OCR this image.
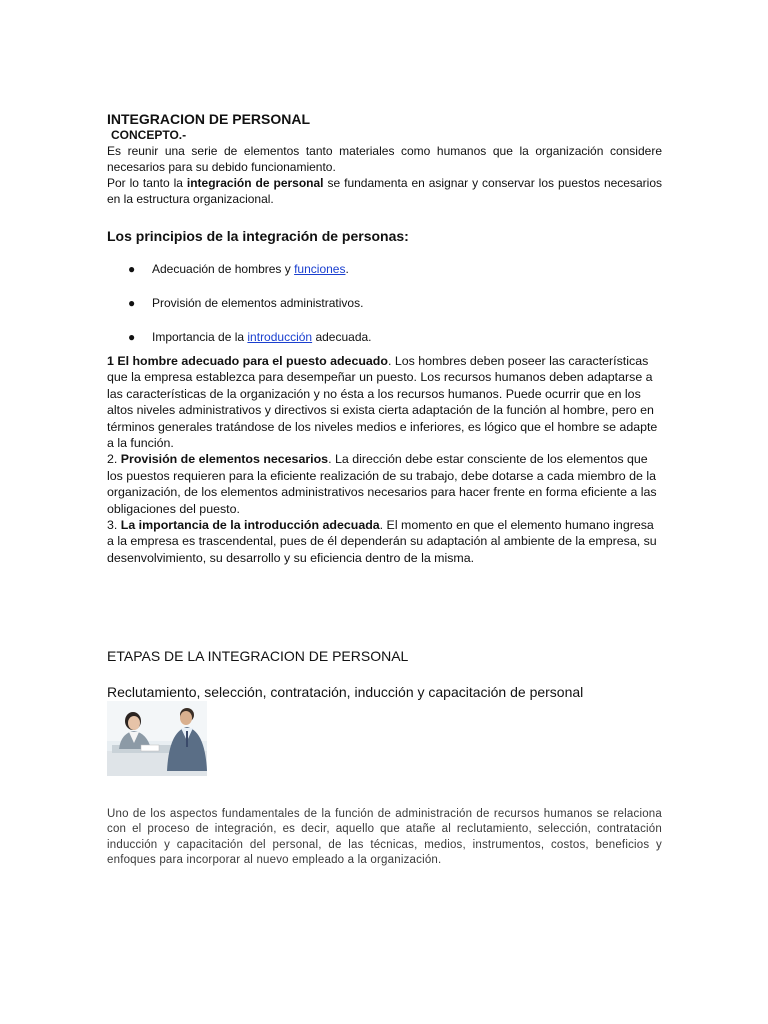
INTEGRACION DE PERSONAL

CONCEPTO.-

Es reunir una serie de elementos tanto materiales como humanos que la organización considere necesarios para su debido funcionamiento.

Por lo tanto la integración de personal se fundamenta en asignar y conservar los puestos necesarios en la estructura organizacional.

Los principios de la integración de personas:

● Adecuación de hombres y funciones.
● Provisión de elementos administrativos.
● Importancia de la introducción adecuada.

1 El hombre adecuado para el puesto adecuado. Los hombres deben poseer las características que la empresa establezca para desempeñar un puesto. Los recursos humanos deben adaptarse a las características de la organización y no ésta a los recursos humanos. Puede ocurrir que en los altos niveles administrativos y directivos si exista cierta adaptación de la función al hombre, pero en términos generales tratándose de los niveles medios e inferiores, es lógico que el hombre se adapte a la función.

2. Provisión de elementos necesarios. La dirección debe estar consciente de los elementos que los puestos requieren para la eficiente realización de su trabajo, debe dotarse a cada miembro de la organización, de los elementos administrativos necesarios para hacer frente en forma eficiente a las obligaciones del puesto.

3. La importancia de la introducción adecuada. El momento en que el elemento humano ingresa a la empresa es trascendental, pues de él dependerán su adaptación al ambiente de la empresa, su desenvolvimiento, su desarrollo y su eficiencia dentro de la misma.

ETAPAS DE LA INTEGRACION DE PERSONAL

Reclutamiento, selección, contratación, inducción y capacitación de personal

Uno de los aspectos fundamentales de la función de administración de recursos humanos se relaciona con el proceso de integración, es decir, aquello que atañe al reclutamiento, selección, contratación inducción y capacitación del personal, de las técnicas, medios, instrumentos, costos, beneficios y enfoques para incorporar al nuevo empleado a la organización.
